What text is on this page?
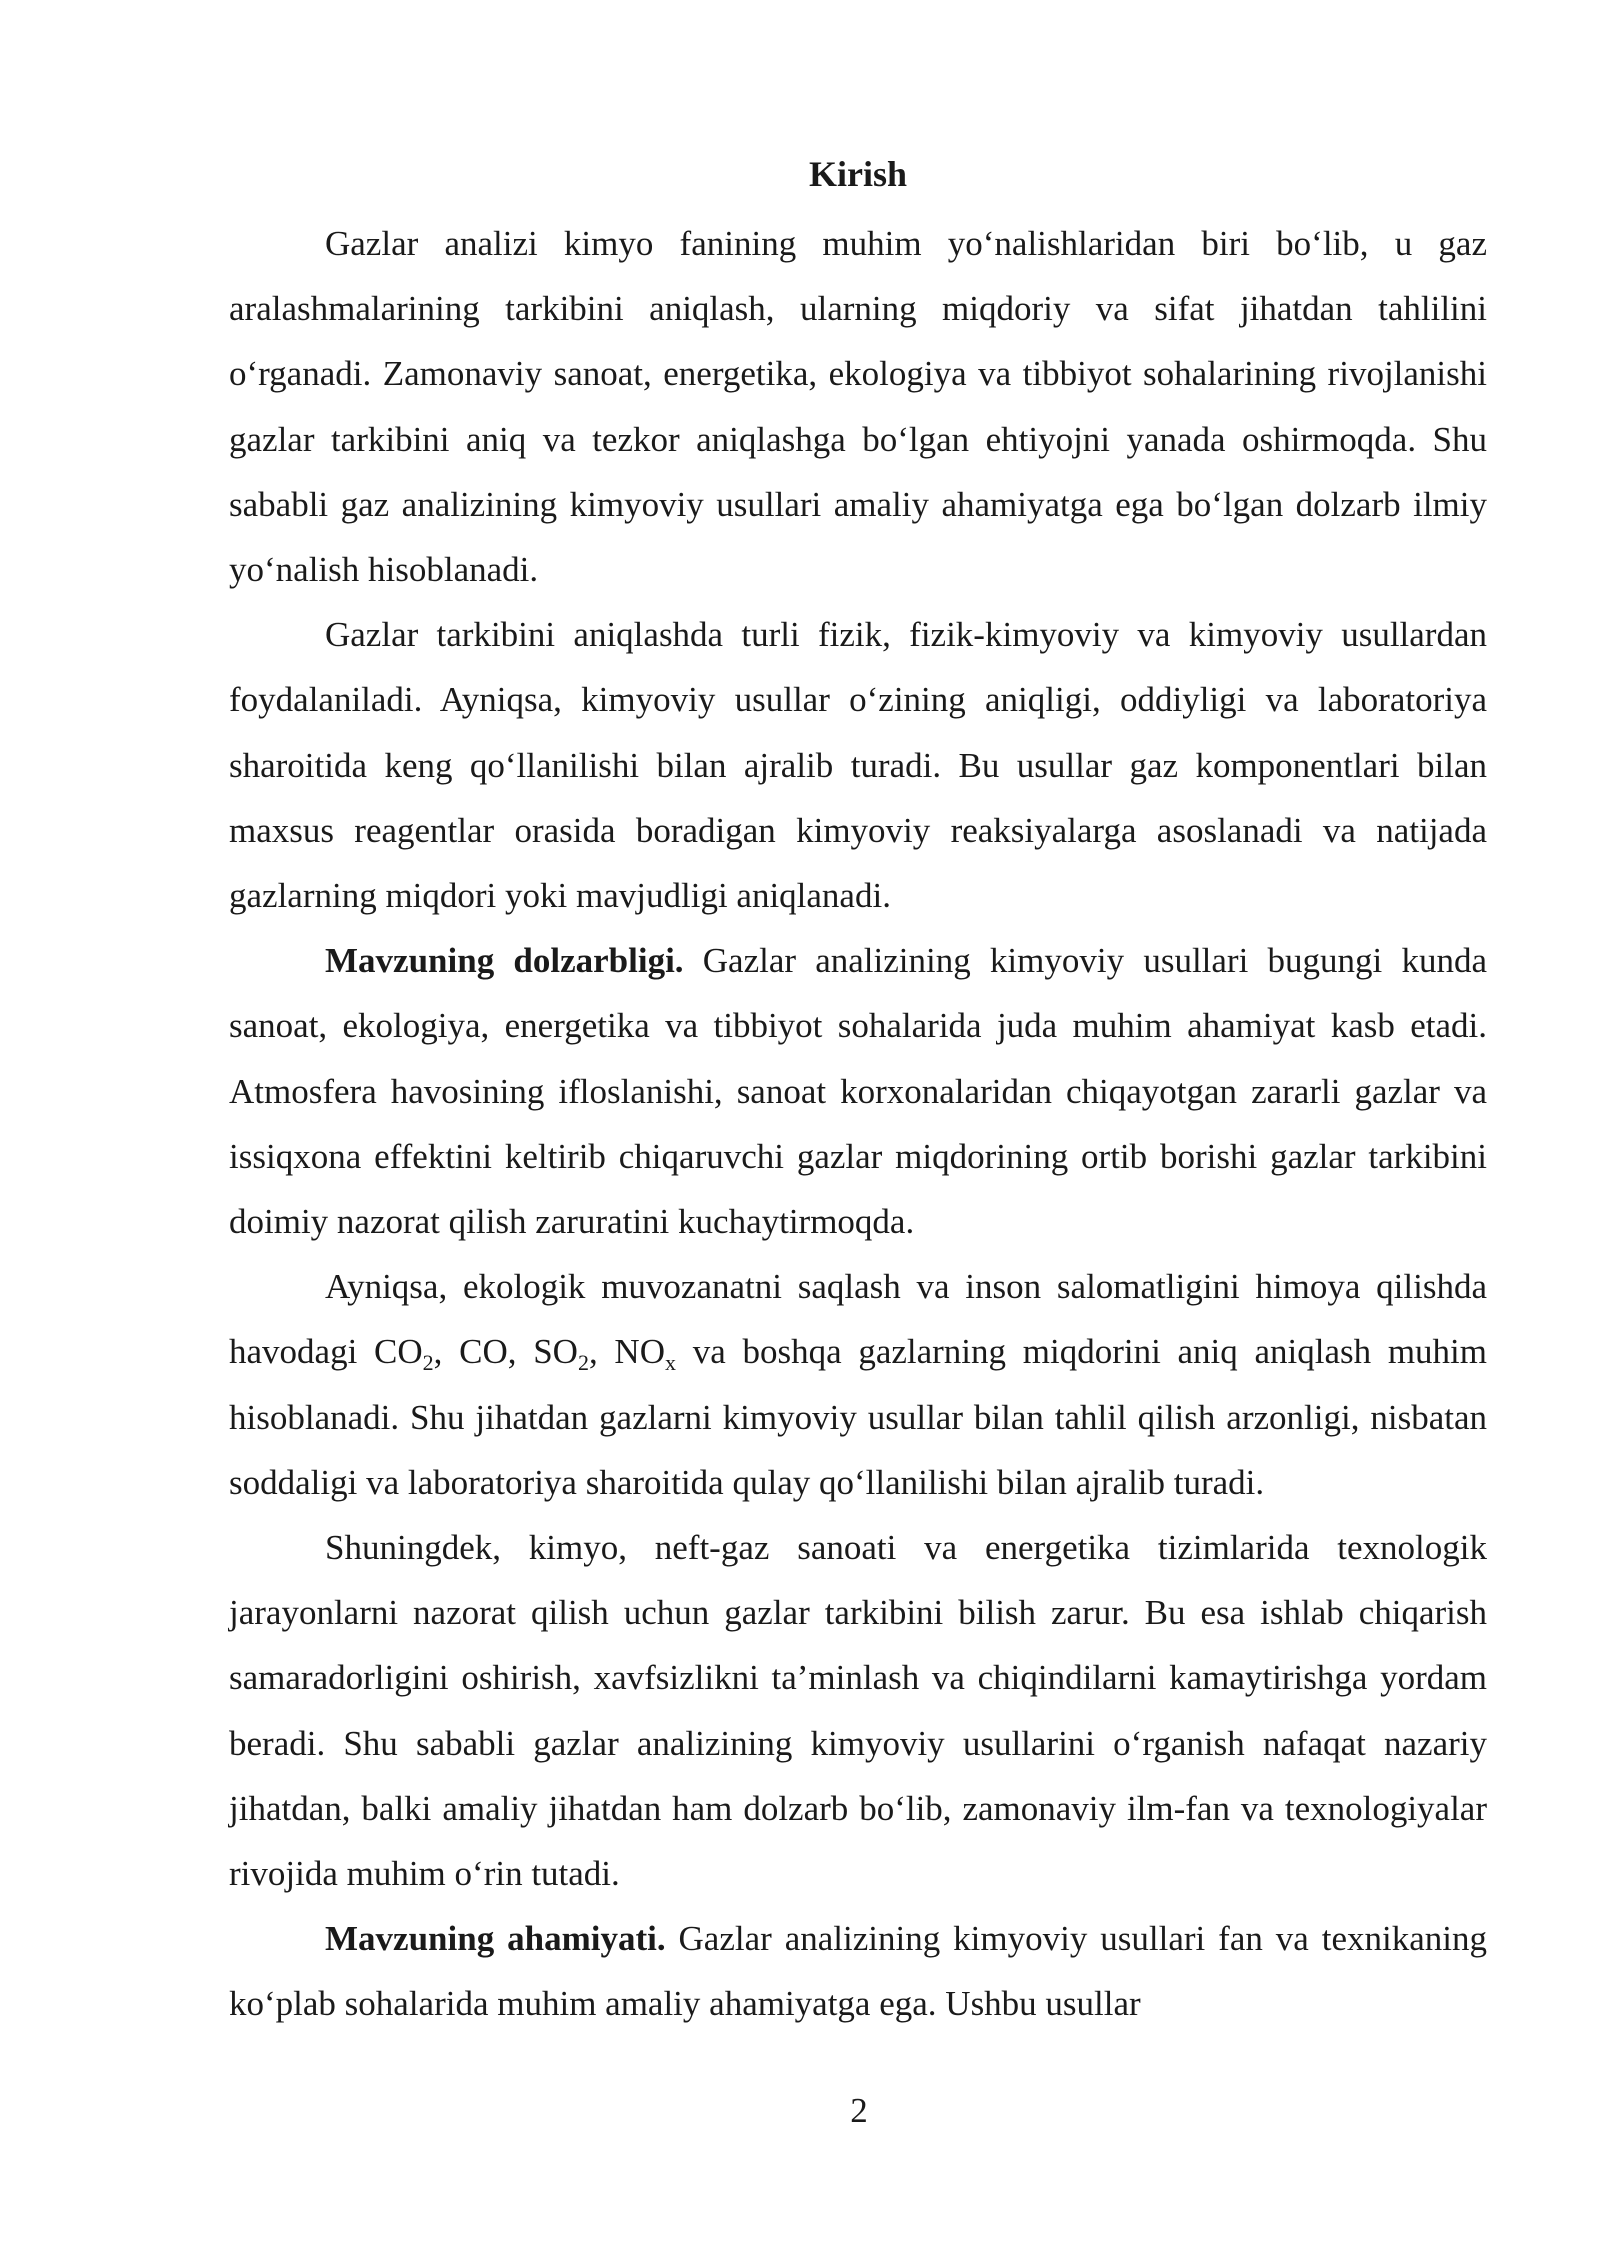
Kirish

Gazlar analizi kimyo fanining muhim yo‘nalishlaridan biri bo‘lib, u gaz aralashmalarining tarkibini aniqlash, ularning miqdoriy va sifat jihatdan tahlilini o‘rganadi. Zamonaviy sanoat, energetika, ekologiya va tibbiyot sohalarining rivojlanishi gazlar tarkibini aniq va tezkor aniqlashga bo‘lgan ehtiyojni yanada oshirmoqda. Shu sababli gaz analizining kimyoviy usullari amaliy ahamiyatga ega bo‘lgan dolzarb ilmiy yo‘nalish hisoblanadi.

Gazlar tarkibini aniqlashda turli fizik, fizik-kimyoviy va kimyoviy usullardan foydalaniladi. Ayniqsa, kimyoviy usullar o‘zining aniqligi, oddiyligi va laboratoriya sharoitida keng qo‘llanilishi bilan ajralib turadi. Bu usullar gaz komponentlari bilan maxsus reagentlar orasida boradigan kimyoviy reaksiyalarga asoslanadi va natijada gazlarning miqdori yoki mavjudligi aniqlanadi.

Mavzuning dolzarbligi. Gazlar analizining kimyoviy usullari bugungi kunda sanoat, ekologiya, energetika va tibbiyot sohalarida juda muhim ahamiyat kasb etadi. Atmosfera havosining ifloslanishi, sanoat korxonalaridan chiqayotgan zararli gazlar va issiqxona effektini keltirib chiqaruvchi gazlar miqdorining ortib borishi gazlar tarkibini doimiy nazorat qilish zaruratini kuchaytirmoqda.

Ayniqsa, ekologik muvozanatni saqlash va inson salomatligini himoya qilishda havodagi $CO_2$, CO, $SO_2$, $NO_x$ va boshqa gazlarning miqdorini aniq aniqlash muhim hisoblanadi. Shu jihatdan gazlarni kimyoviy usullar bilan tahlil qilish arzonligi, nisbatan soddaligi va laboratoriya sharoitida qulay qo‘llanilishi bilan ajralib turadi.

Shuningdek, kimyo, neft-gaz sanoati va energetika tizimlarida texnologik jarayonlarni nazorat qilish uchun gazlar tarkibini bilish zarur. Bu esa ishlab chiqarish samaradorligini oshirish, xavfsizlikni ta’minlash va chiqindilarni kamaytirishga yordam beradi. Shu sababli gazlar analizining kimyoviy usullarini o‘rganish nafaqat nazariy jihatdan, balki amaliy jihatdan ham dolzarb bo‘lib, zamonaviy ilm-fan va texnologiyalar rivojida muhim o‘rin tutadi.

Mavzuning ahamiyati. Gazlar analizining kimyoviy usullari fan va texnikaning ko‘plab sohalarida muhim amaliy ahamiyatga ega. Ushbu usullar

2
